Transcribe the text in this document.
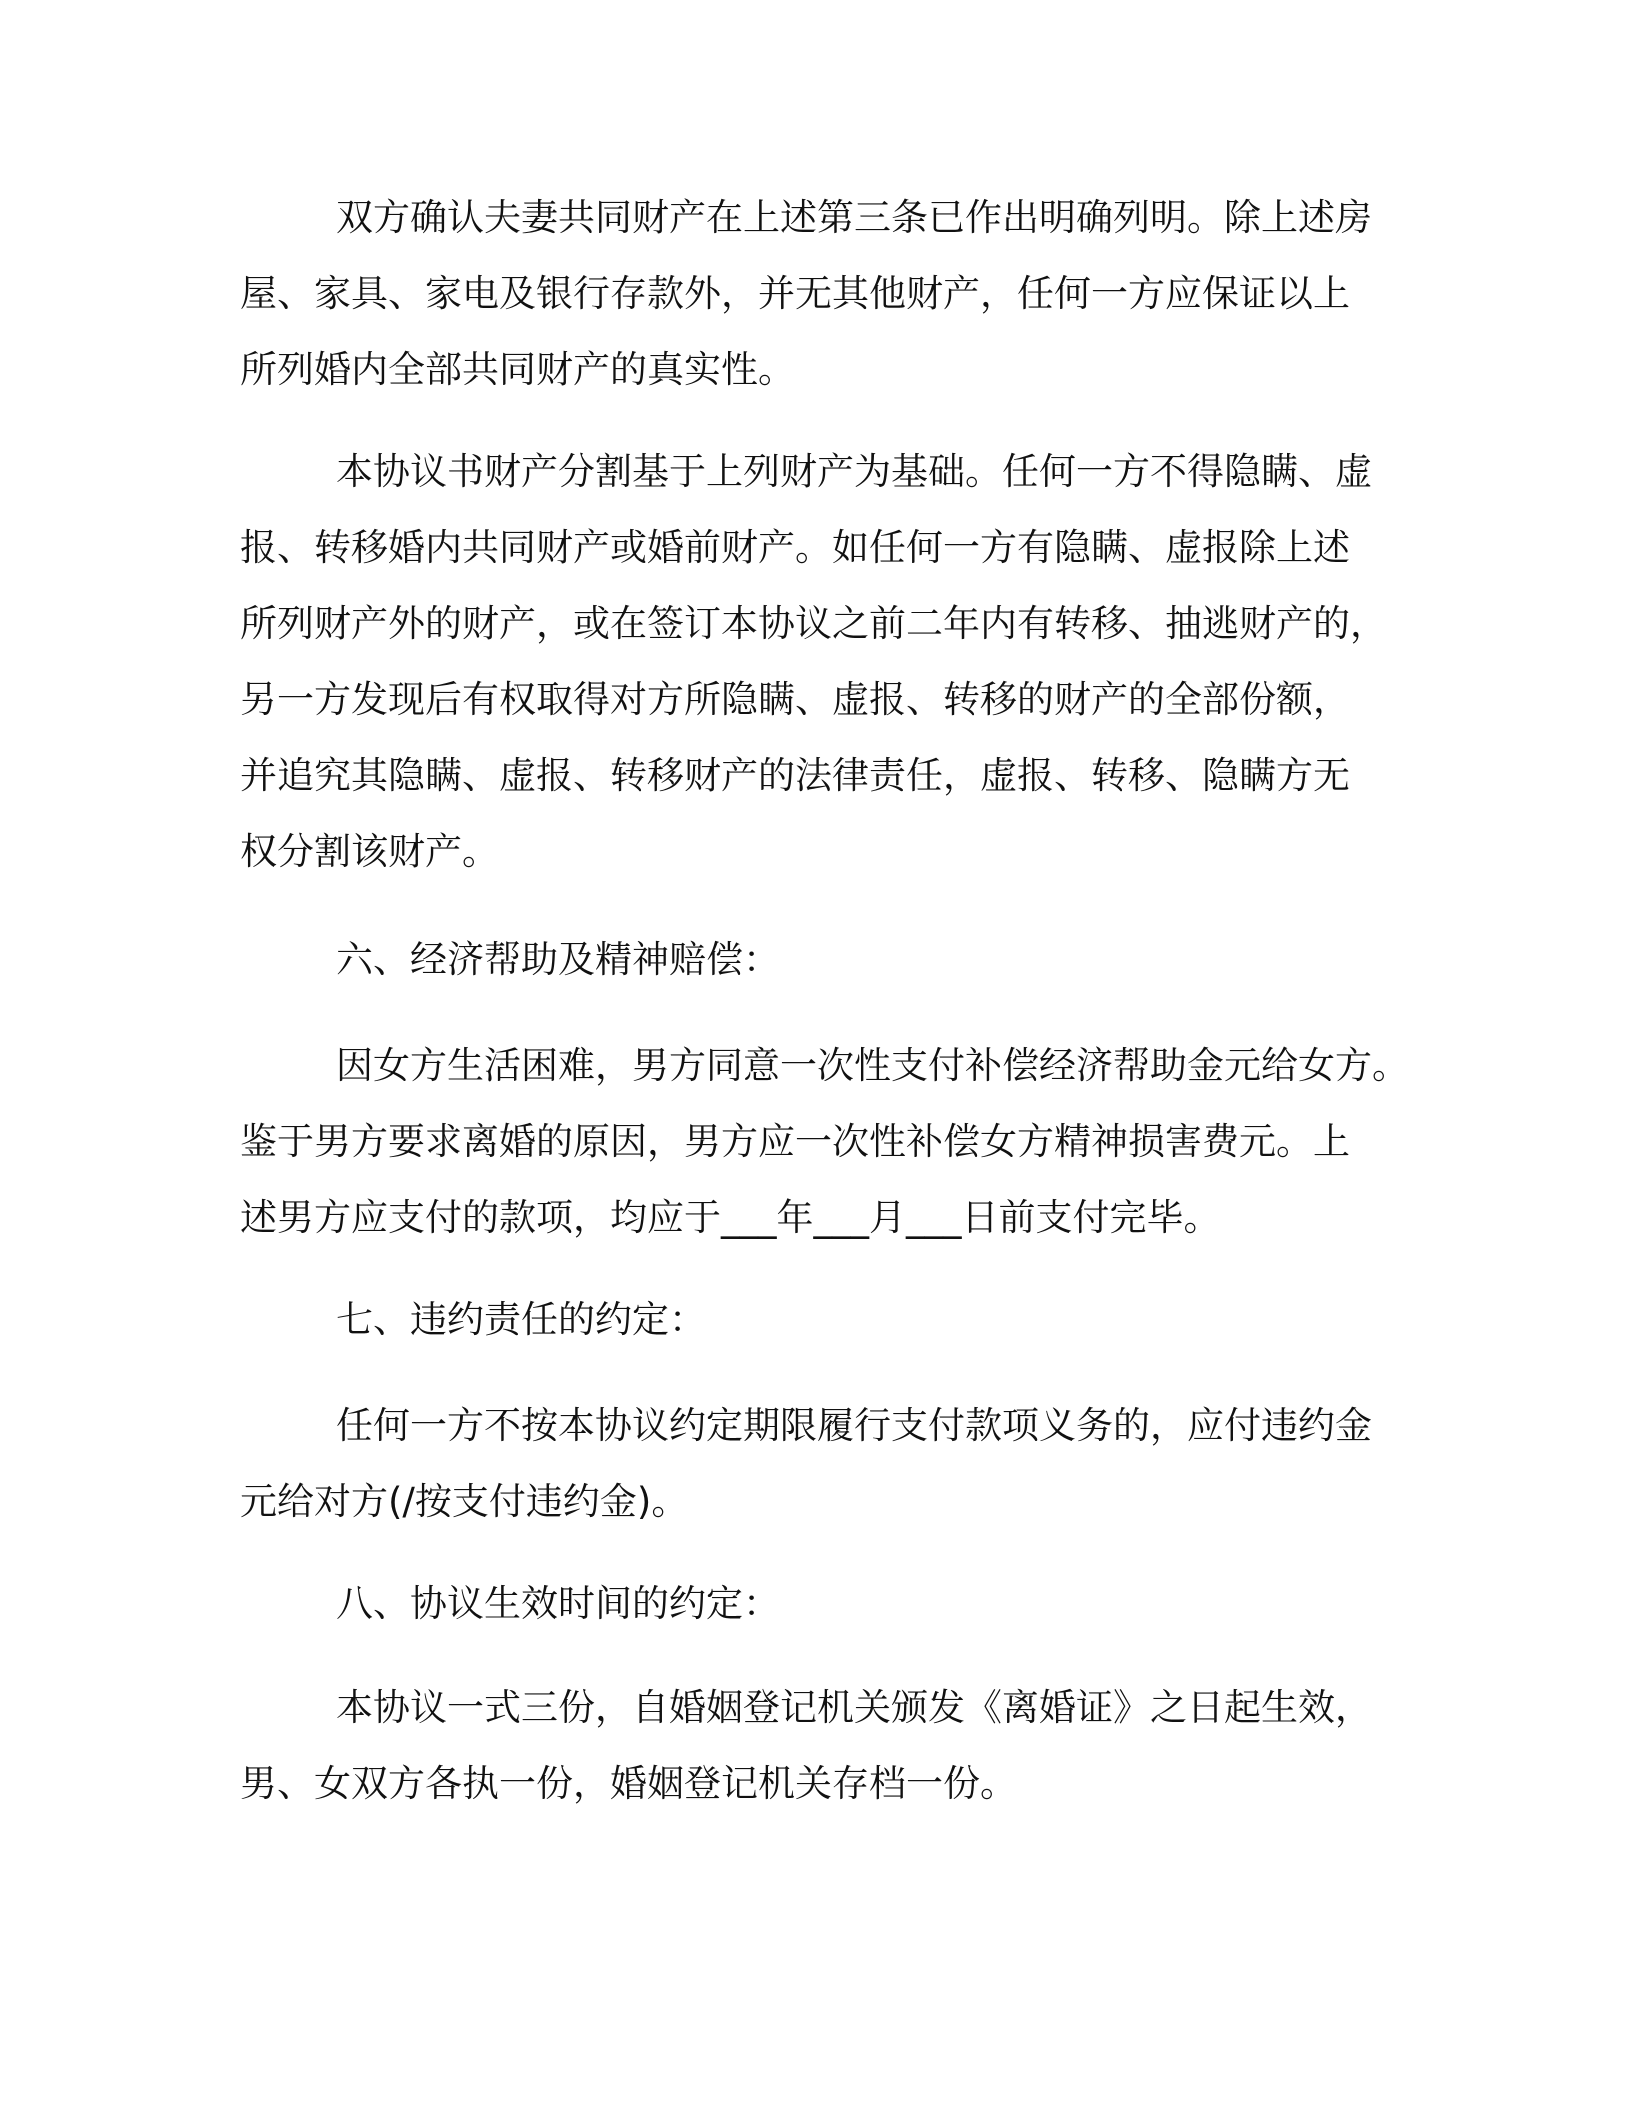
双方确认夫妻共同财产在上述第三条已作出明确列明。除上述房
屋、家具、家电及银行存款外，并无其他财产，任何一方应保证以上
所列婚内全部共同财产的真实性。
本协议书财产分割基于上列财产为基础。任何一方不得隐瞒、虚
报、转移婚内共同财产或婚前财产。如任何一方有隐瞒、虚报除上述
所列财产外的财产，或在签订本协议之前二年内有转移、抽逃财产的，
另一方发现后有权取得对方所隐瞒、虚报、转移的财产的全部份额，
并追究其隐瞒、虚报、转移财产的法律责任，虚报、转移、隐瞒方无
权分割该财产。
六、经济帮助及精神赔偿：
因女方生活困难，男方同意一次性支付补偿经济帮助金元给女方。
鉴于男方要求离婚的原因，男方应一次性补偿女方精神损害费元。上
述男方应支付的款项，均应于___年___月___日前支付完毕。
七、违约责任的约定：
任何一方不按本协议约定期限履行支付款项义务的，应付违约金
元给对方(/按支付违约金)。
八、协议生效时间的约定：
本协议一式三份，自婚姻登记机关颁发《离婚证》之日起生效，
男、女双方各执一份，婚姻登记机关存档一份。
